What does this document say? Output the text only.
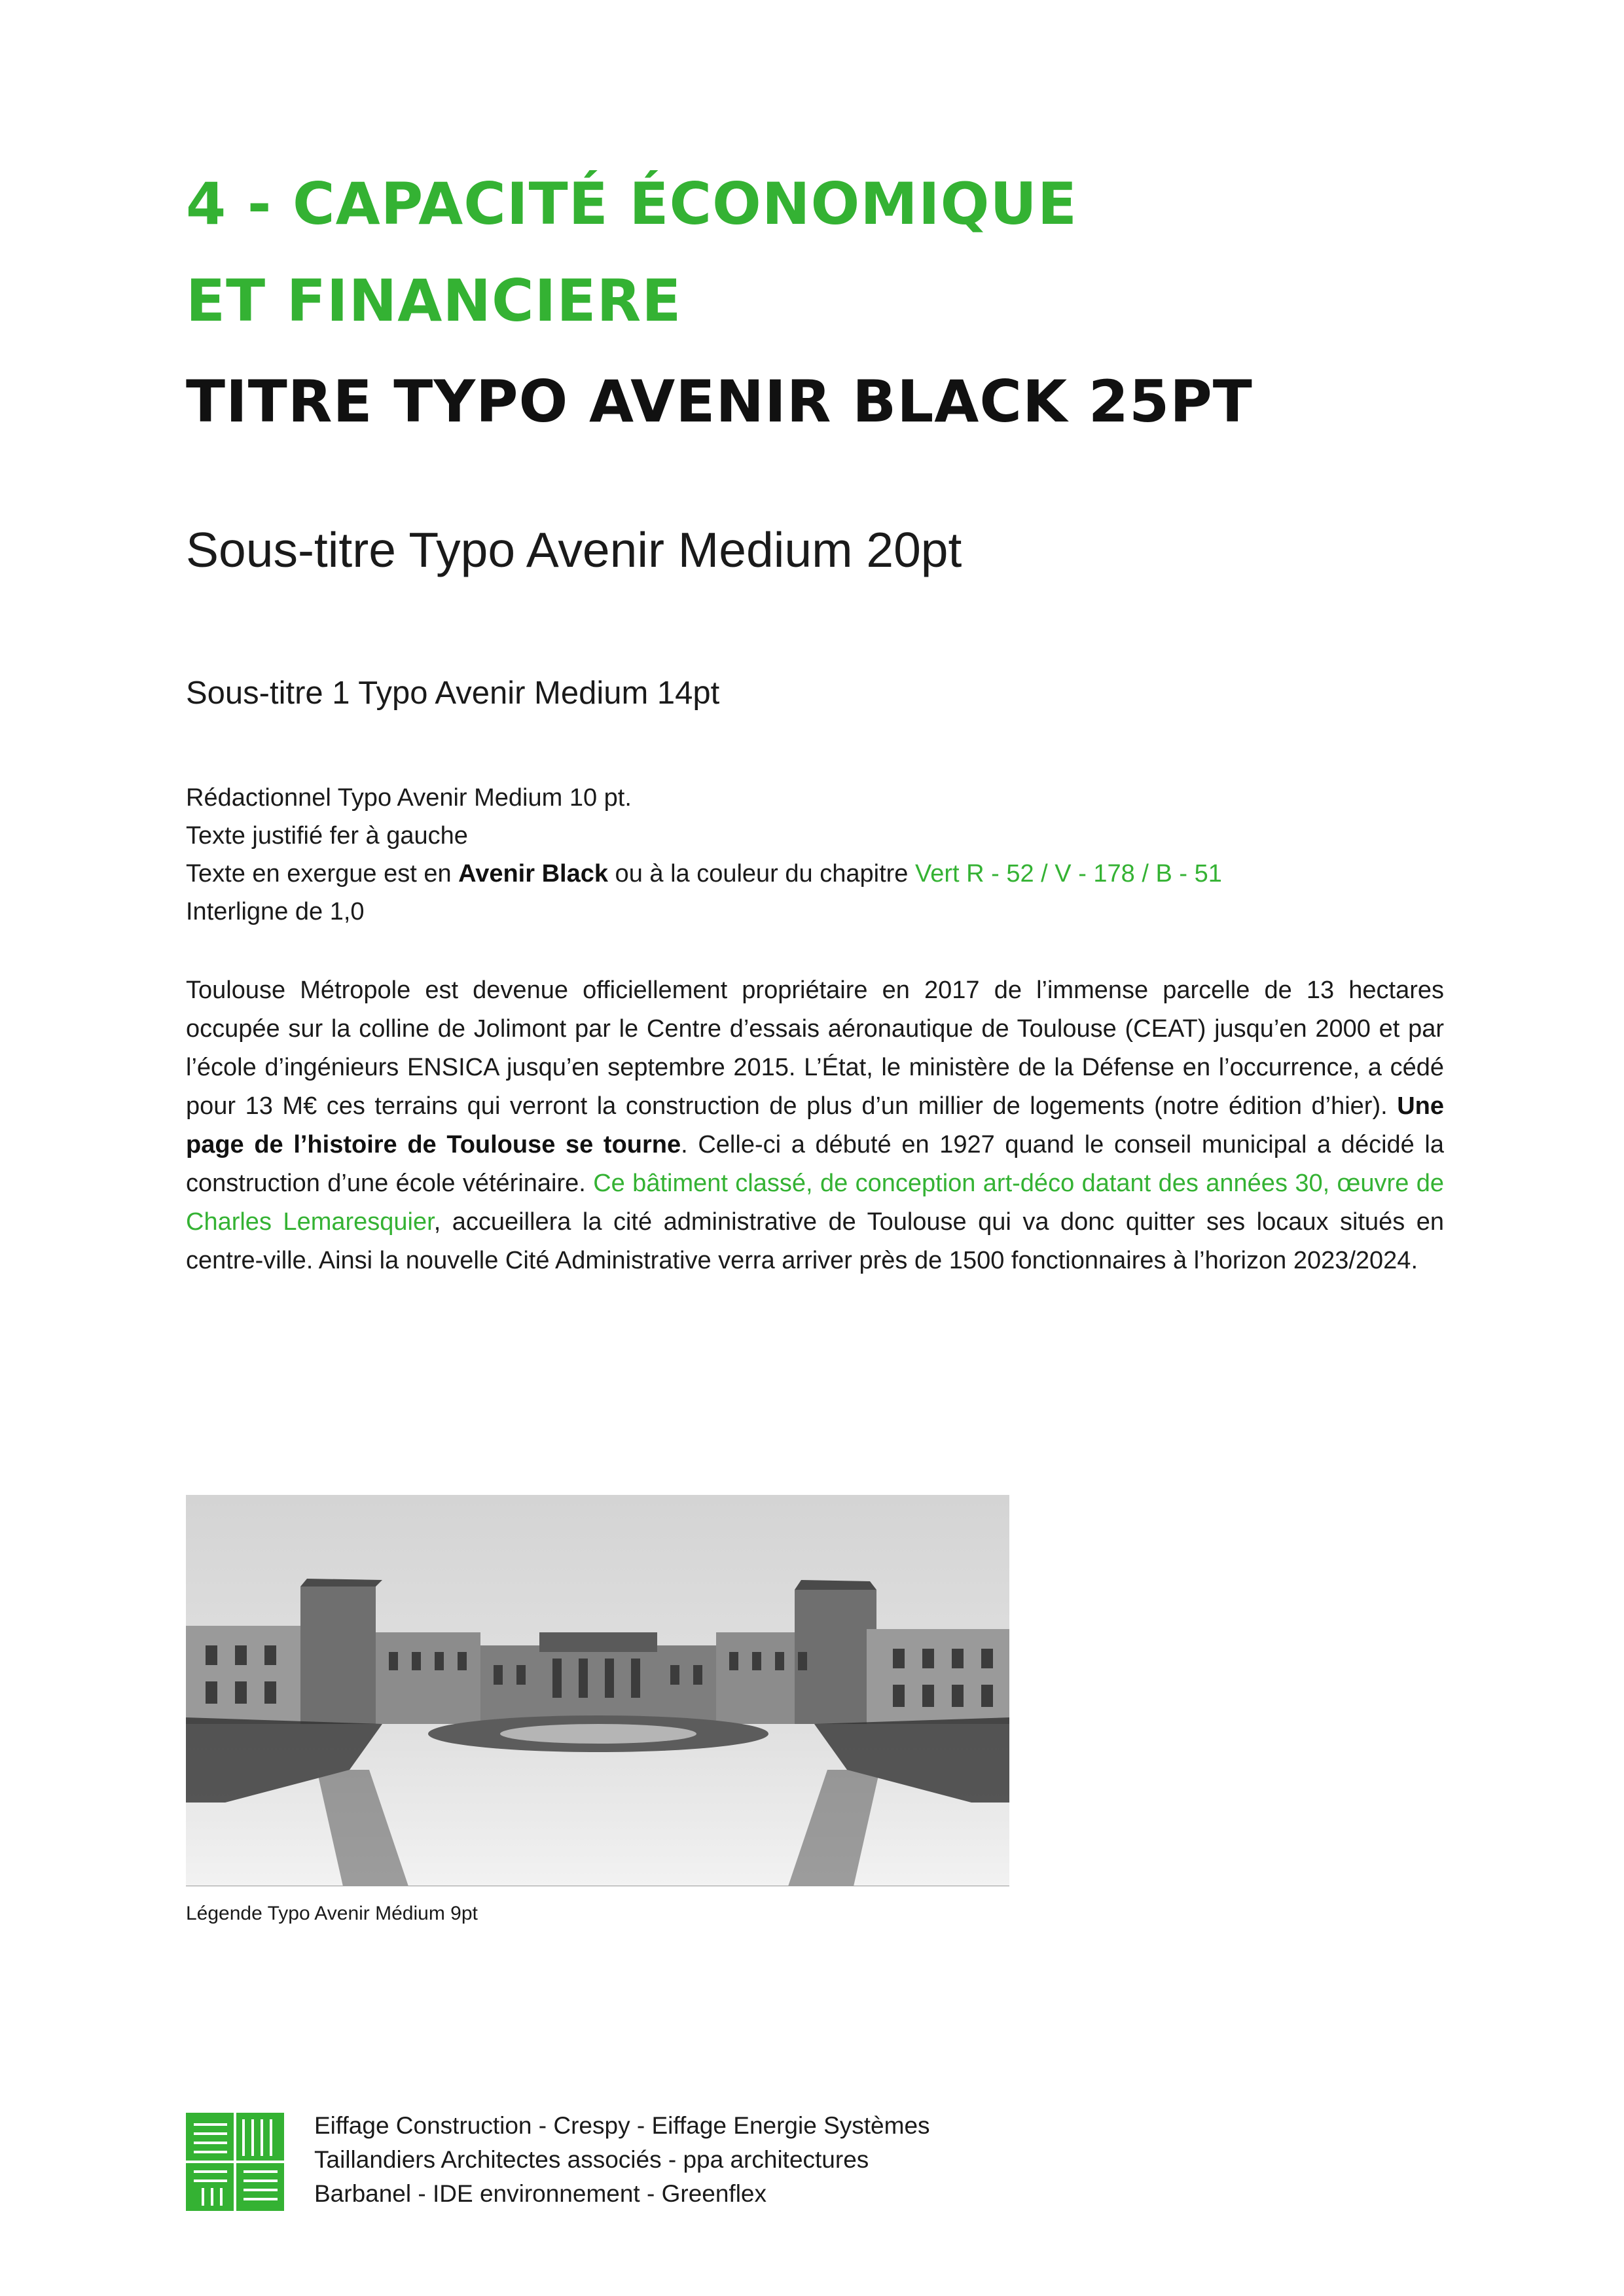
4 - CAPACITÉ ÉCONOMIQUE
ET FINANCIERE
TITRE TYPO AVENIR BLACK 25PT
Sous-titre Typo Avenir Medium 20pt
Sous-titre 1 Typo Avenir Medium 14pt
Rédactionnel Typo Avenir Medium 10 pt.
Texte justifié fer à gauche
Texte en exergue est en Avenir Black ou à la couleur du chapitre Vert R - 52 / V - 178 / B - 51
Interligne de 1,0
Toulouse Métropole est devenue officiellement propriétaire en 2017 de l’immense parcelle de 13 hectares occupée sur la colline de Jolimont par le Centre d’essais aéronautique de Toulouse (CEAT) jusqu’en 2000 et par l’école d’ingénieurs ENSICA jusqu’en septembre 2015. L’État, le ministère de la Défense en l’occurrence, a cédé pour 13 M€ ces terrains qui verront la construction de plus d’un millier de logements (notre édition d’hier). Une page de l’histoire de Toulouse se tourne. Celle-ci a débuté en 1927 quand le conseil municipal a décidé la construction d’une école vétérinaire. Ce bâtiment classé, de conception art-déco datant des années 30, œuvre de Charles Lemaresquier, accueillera la cité administrative de Toulouse qui va donc quitter ses locaux situés en centre-ville. Ainsi la nouvelle Cité Administrative verra arriver près de 1500 fonctionnaires à l’horizon 2023/2024.
Légende Typo Avenir Médium 9pt
Eiffage Construction - Crespy - Eiffage Energie Systèmes
Taillandiers Architectes associés - ppa architectures
Barbanel - IDE environnement - Greenflex
